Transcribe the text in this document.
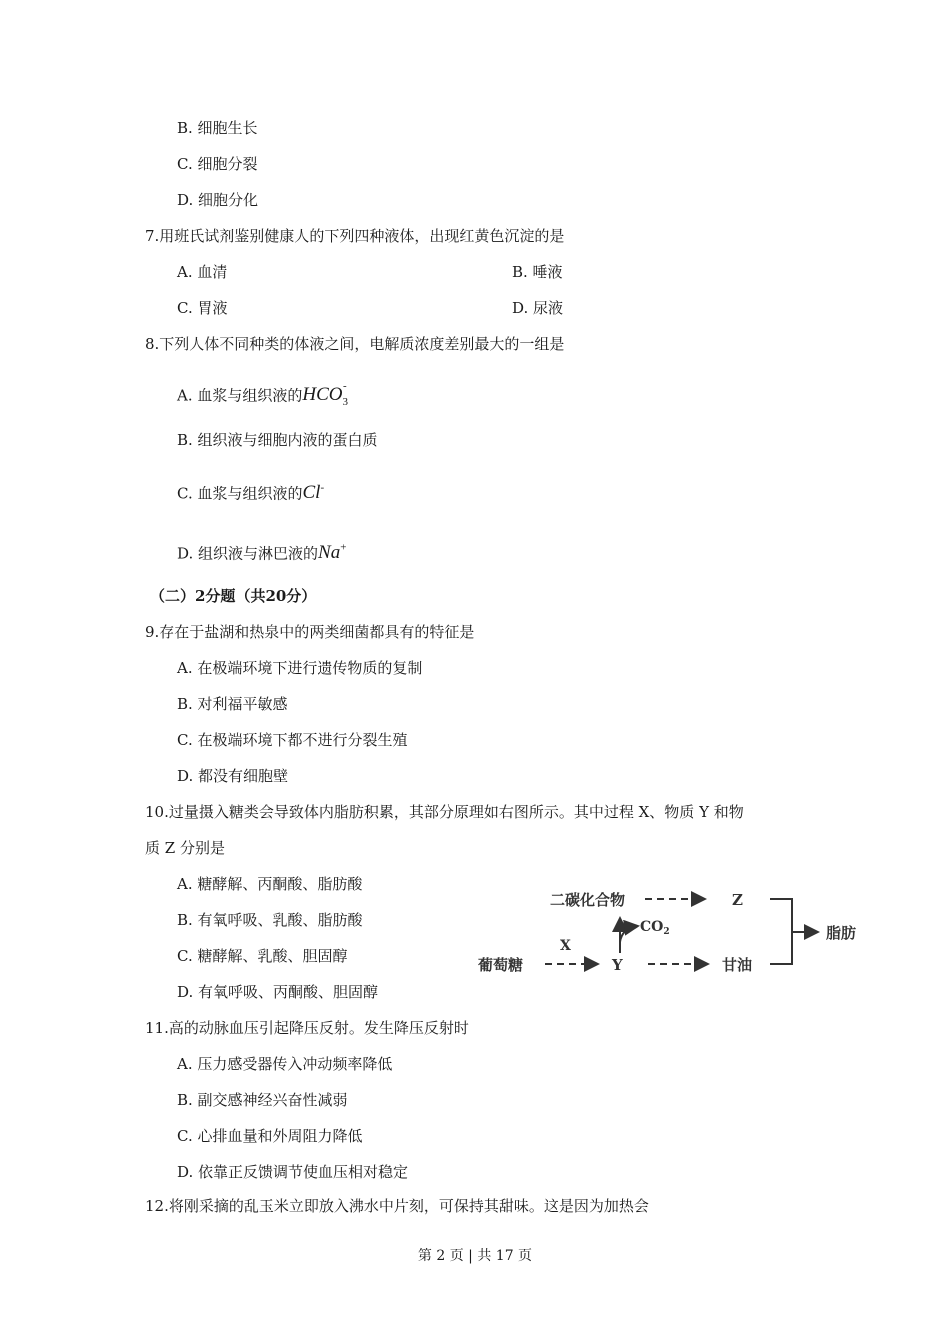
B. 细胞生长
C. 细胞分裂
D. 细胞分化
7.用班氏试剂鉴别健康人的下列四种液体，出现红黄色沉淀的是
A. 血清	B. 唾液
C. 胃液	D. 尿液
8.下列人体不同种类的体液之间，电解质浓度差别最大的一组是
A. 血浆与组织液的$HCO_3^-$
B. 组织液与细胞内液的蛋白质
C. 血浆与组织液的Cl-
D. 组织液与淋巴液的Na+
（二）2分题（共20分）
9.存在于盐湖和热泉中的两类细菌都具有的特征是
A. 在极端环境下进行遗传物质的复制
B. 对利福平敏感
C. 在极端环境下都不进行分裂生殖
D. 都没有细胞壁
10.过量摄入糖类会导致体内脂肪积累，其部分原理如右图所示。其中过程 X、物质 Y 和物
质 Z 分别是
A. 糖酵解、丙酮酸、脂肪酸
B. 有氧呼吸、乳酸、脂肪酸
C. 糖酵解、乳酸、胆固醇
D. 有氧呼吸、丙酮酸、胆固醇
二碳化合物	Z
脂肪
$CO_2$
X
葡萄糖	Y	甘油
11.高的动脉血压引起降压反射。发生降压反射时
A. 压力感受器传入冲动频率降低
B. 副交感神经兴奋性减弱
C. 心排血量和外周阻力降低
D. 依靠正反馈调节使血压相对稳定
12.将刚采摘的乱玉米立即放入沸水中片刻，可保持其甜味。这是因为加热会
第 2 页 | 共 17 页
